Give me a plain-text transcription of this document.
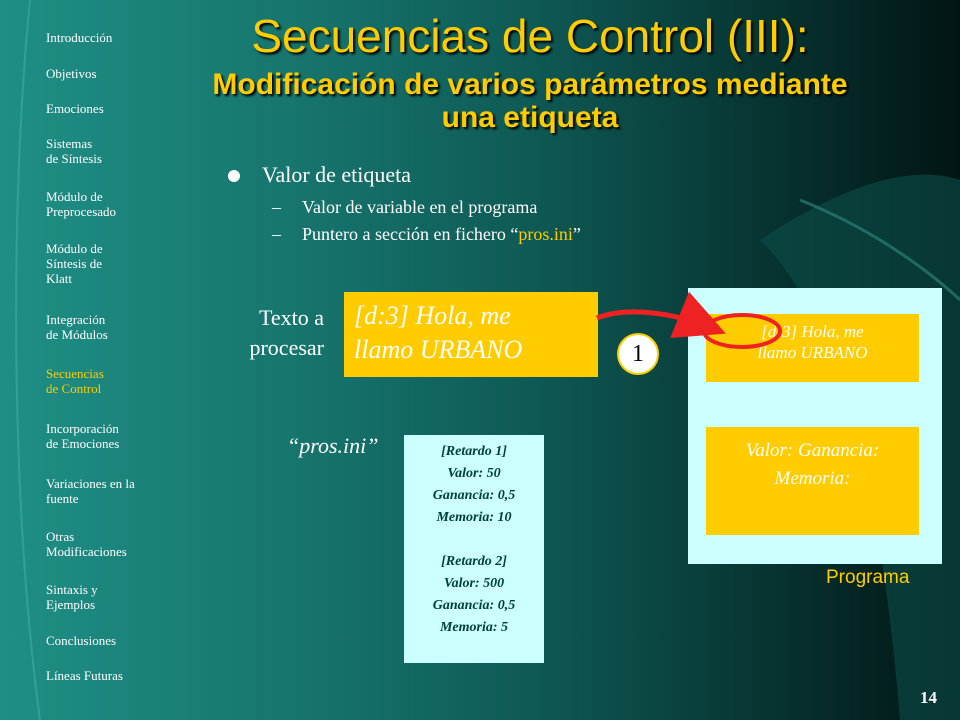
Introducción
Objetivos
Emociones
Sistemas
de Síntesis
Módulo de
Preprocesado
Módulo de
Síntesis de
Klatt
Integración
de Módulos
Secuencias
de Control
Incorporación
de Emociones
Variaciones en la
fuente
Otras
Modificaciones
Sintaxis y
Ejemplos
Conclusiones
Líneas Futuras
Secuencias de Control (III):
Modificación de varios parámetros mediante una etiqueta
Valor de etiqueta
– Valor de variable en el programa
– Puntero a sección en fichero “pros.ini”
Texto a
procesar
[d:3] Hola, me
llamo URBANO
[d:3] Hola, me
llamo URBANO
Valor: Ganancia:
Memoria:
1
Programa
“pros.ini”	[Retardo 1]
Valor: 50
Ganancia: 0,5
Memoria: 10
[Retardo 2]
Valor: 500
Ganancia: 0,5
Memoria: 5
14
